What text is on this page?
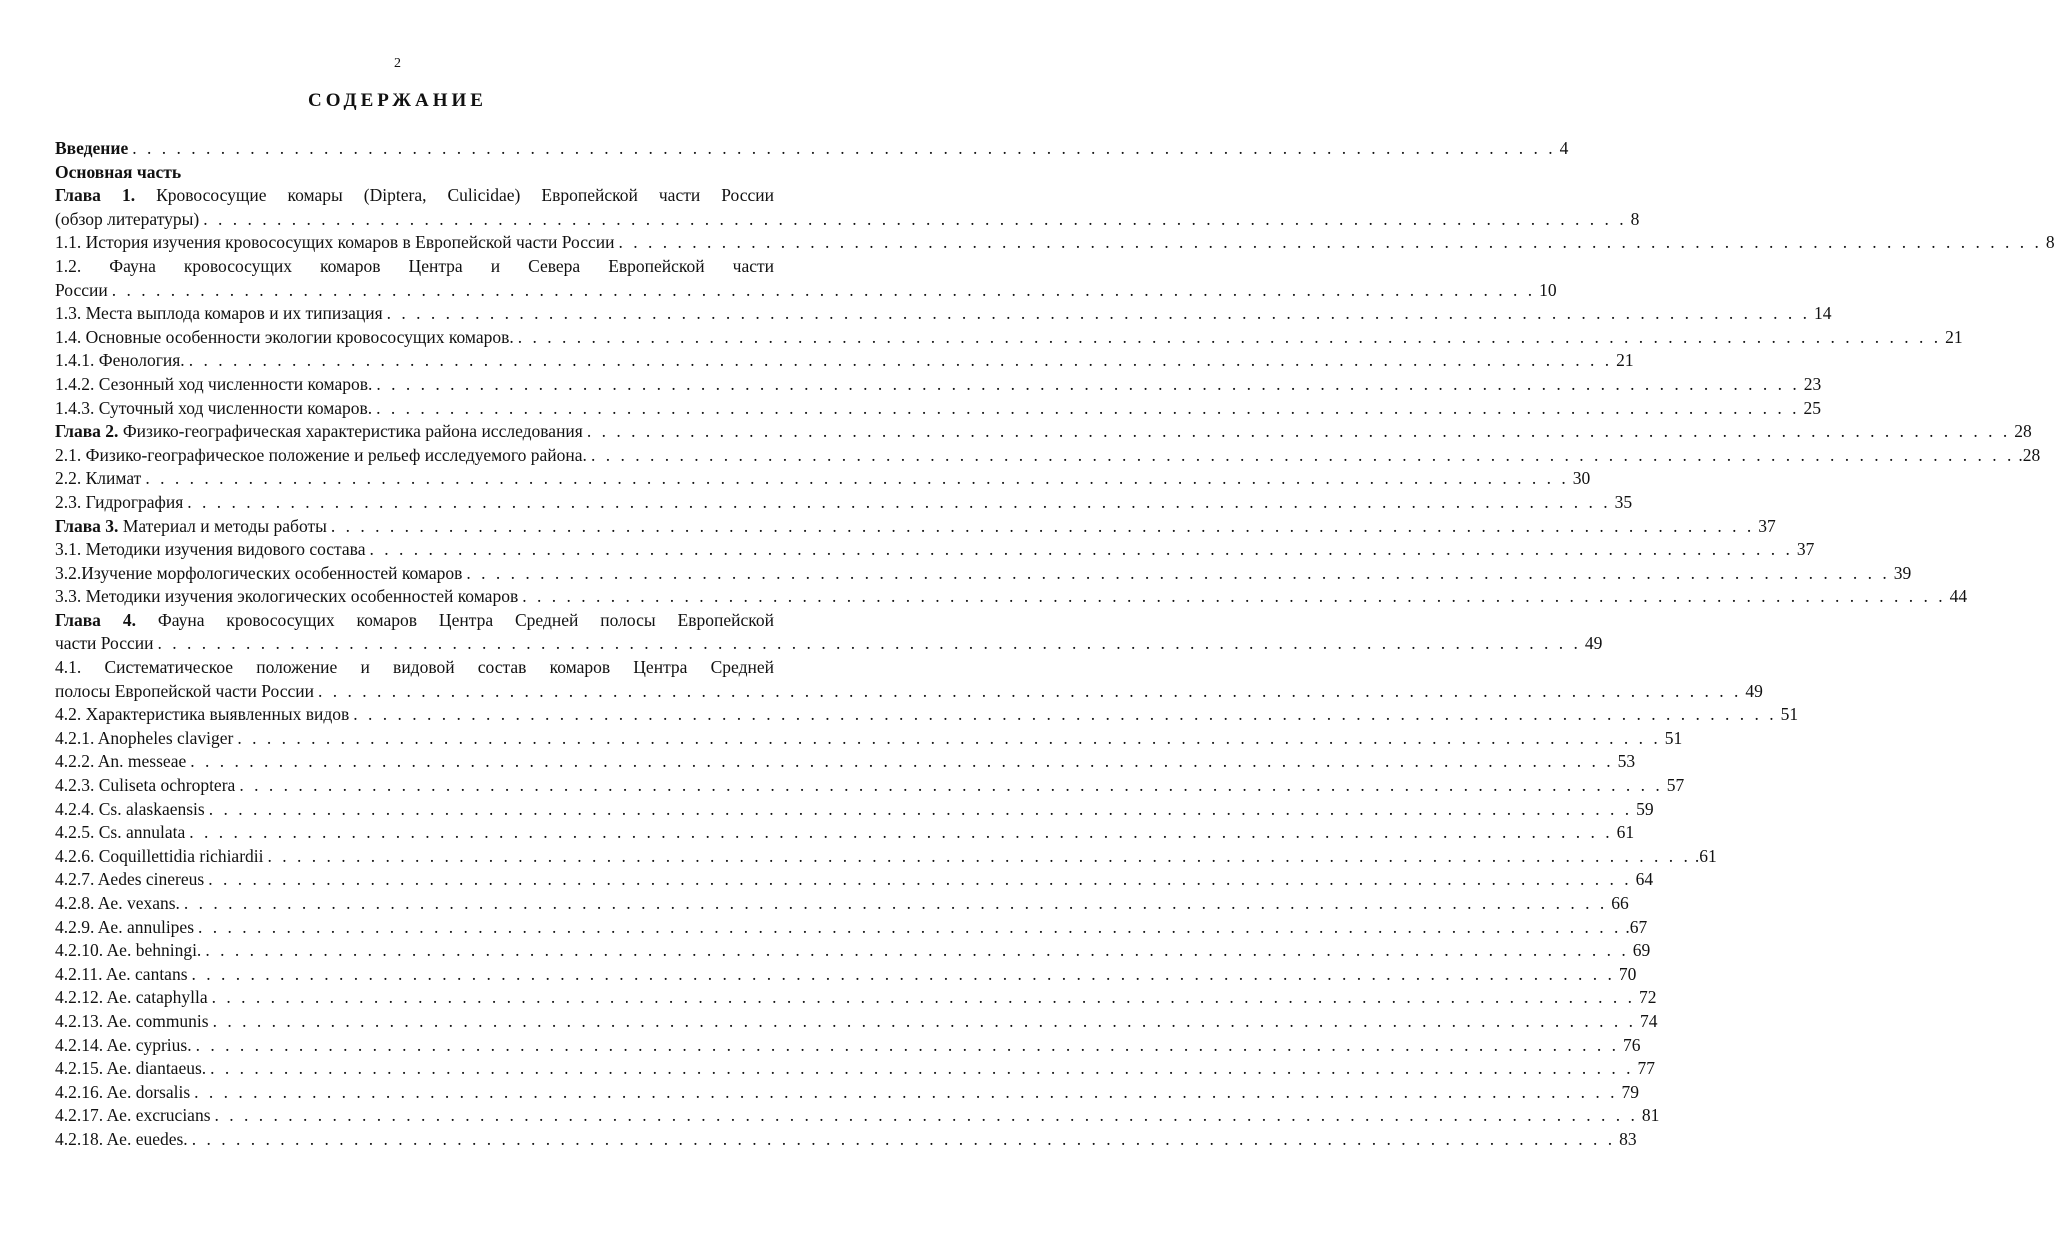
2
СОДЕРЖАНИЕ
Введение . . .	4
Основная часть
Глава 1. Кровососущие комары (Diptera, Culicidae) Европейской части России
(обзор литературы) . . .	8
1.1. История изучения кровососущих комаров в Европейской части России . . .	8
1.2. Фауна кровососущих комаров Центра и Севера Европейской части
России . . .	10
1.3. Места выплода комаров и их типизация . . .	14
1.4. Основные особенности экологии кровососущих комаров. . . .	21
1.4.1. Фенология. . . .	21
1.4.2. Сезонный ход численности комаров. . . .	23
1.4.3. Суточный ход численности комаров. . . .	25
Глава 2. Физико-географическая характеристика района исследования . . .	28
2.1. Физико-географическое положение и рельеф исследуемого района. . . .	.28
2.2. Климат . . .	30
2.3. Гидрография . . .	35
Глава 3. Материал и методы работы . . .	37
3.1. Методики изучения видового состава . . .	37
3.2.Изучение морфологических особенностей комаров . . .	39
3.3. Методики изучения экологических особенностей комаров . . .	44
Глава 4. Фауна кровососущих комаров Центра Средней полосы Европейской
части России . . .	49
4.1. Систематическое положение и видовой состав комаров Центра Средней
полосы Европейской части России . . .	49
4.2. Характеристика выявленных видов . . .	51
4.2.1. Anopheles claviger . . .	51
4.2.2. An. messeae . . .	53
4.2.3. Culiseta ochroptera . . .	57
4.2.4. Cs. alaskaensis . . .	59
4.2.5. Cs. annulata . . .	61
4.2.6. Coquillettidia richiardii . . .	.61
4.2.7. Aedes cinereus . . .	64
4.2.8. Ae. vexans. . . .	66
4.2.9. Ae. annulipes . . .	.67
4.2.10. Ae. behningi. . . .	69
4.2.11. Ae. cantans . . .	70
4.2.12. Ae. cataphylla . . .	72
4.2.13. Ae. communis . . .	74
4.2.14. Ae. cyprius. . . .	76
4.2.15. Ae. diantaeus. . . .	77
4.2.16. Ae. dorsalis . . .	79
4.2.17. Ae. excrucians . . .	81
4.2.18. Ae. euedes. . . .	83
